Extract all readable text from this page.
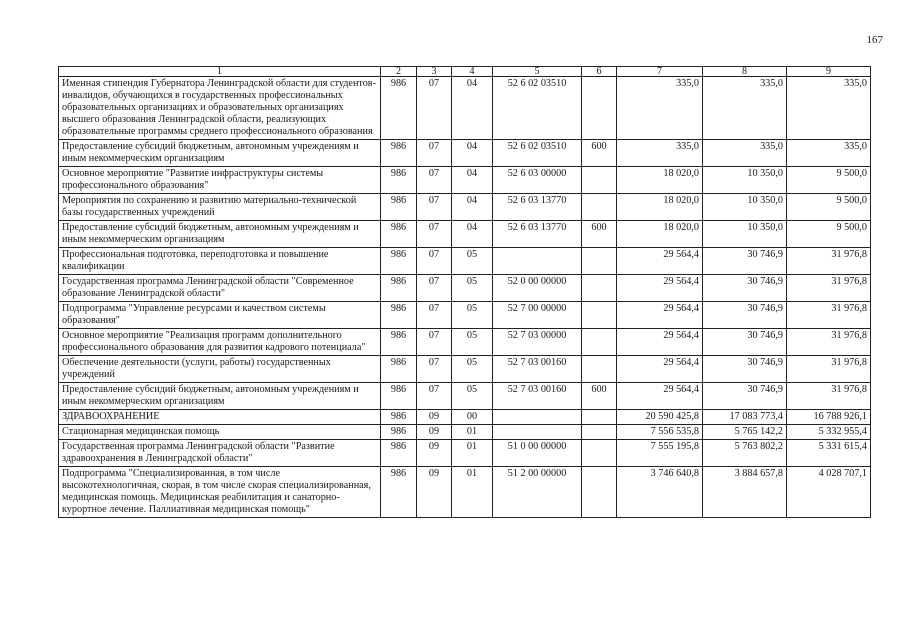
167
1	2	3	4	5	6	7	8	9
Именная стипендия Губернатора Ленинградской области для студентов-инвалидов, обучающихся в государственных профессиональных образовательных организациях и образовательных организациях высшего образования Ленинградской области, реализующих образовательные программы среднего профессионального образования	986	07	04	52 6 02 03510		335,0	335,0	335,0
Предоставление субсидий бюджетным, автономным учреждениям и иным некоммерческим организациям	986	07	04	52 6 02 03510	600	335,0	335,0	335,0
Основное мероприятие "Развитие инфраструктуры системы профессионального образования"	986	07	04	52 6 03 00000		18 020,0	10 350,0	9 500,0
Мероприятия по сохранению и развитию материально-технической базы государственных учреждений	986	07	04	52 6 03 13770		18 020,0	10 350,0	9 500,0
Предоставление субсидий бюджетным, автономным учреждениям и иным некоммерческим организациям	986	07	04	52 6 03 13770	600	18 020,0	10 350,0	9 500,0
Профессиональная подготовка, переподготовка и повышение квалификации	986	07	05			29 564,4	30 746,9	31 976,8
Государственная программа Ленинградской области "Современное образование Ленинградской области"	986	07	05	52 0 00 00000		29 564,4	30 746,9	31 976,8
Подпрограмма "Управление ресурсами и качеством системы образования"	986	07	05	52 7 00 00000		29 564,4	30 746,9	31 976,8
Основное мероприятие "Реализация программ дополнительного профессионального образования для развития кадрового потенциала"	986	07	05	52 7 03 00000		29 564,4	30 746,9	31 976,8
Обеспечение деятельности (услуги, работы) государственных учреждений	986	07	05	52 7 03 00160		29 564,4	30 746,9	31 976,8
Предоставление субсидий бюджетным, автономным учреждениям и иным некоммерческим организациям	986	07	05	52 7 03 00160	600	29 564,4	30 746,9	31 976,8
ЗДРАВООХРАНЕНИЕ	986	09	00			20 590 425,8	17 083 773,4	16 788 926,1
Стационарная медицинская помощь	986	09	01			7 556 535,8	5 765 142,2	5 332 955,4
Государственная программа Ленинградской области "Развитие здравоохранения в Ленинградской области"	986	09	01	51 0 00 00000		7 555 195,8	5 763 802,2	5 331 615,4
Подпрограмма "Специализированная, в том числе высокотехнологичная, скорая, в том числе скорая специализированная, медицинская помощь. Медицинская реабилитация и санаторно-курортное лечение. Паллиативная медицинская помощь"	986	09	01	51 2 00 00000		3 746 640,8	3 884 657,8	4 028 707,1
